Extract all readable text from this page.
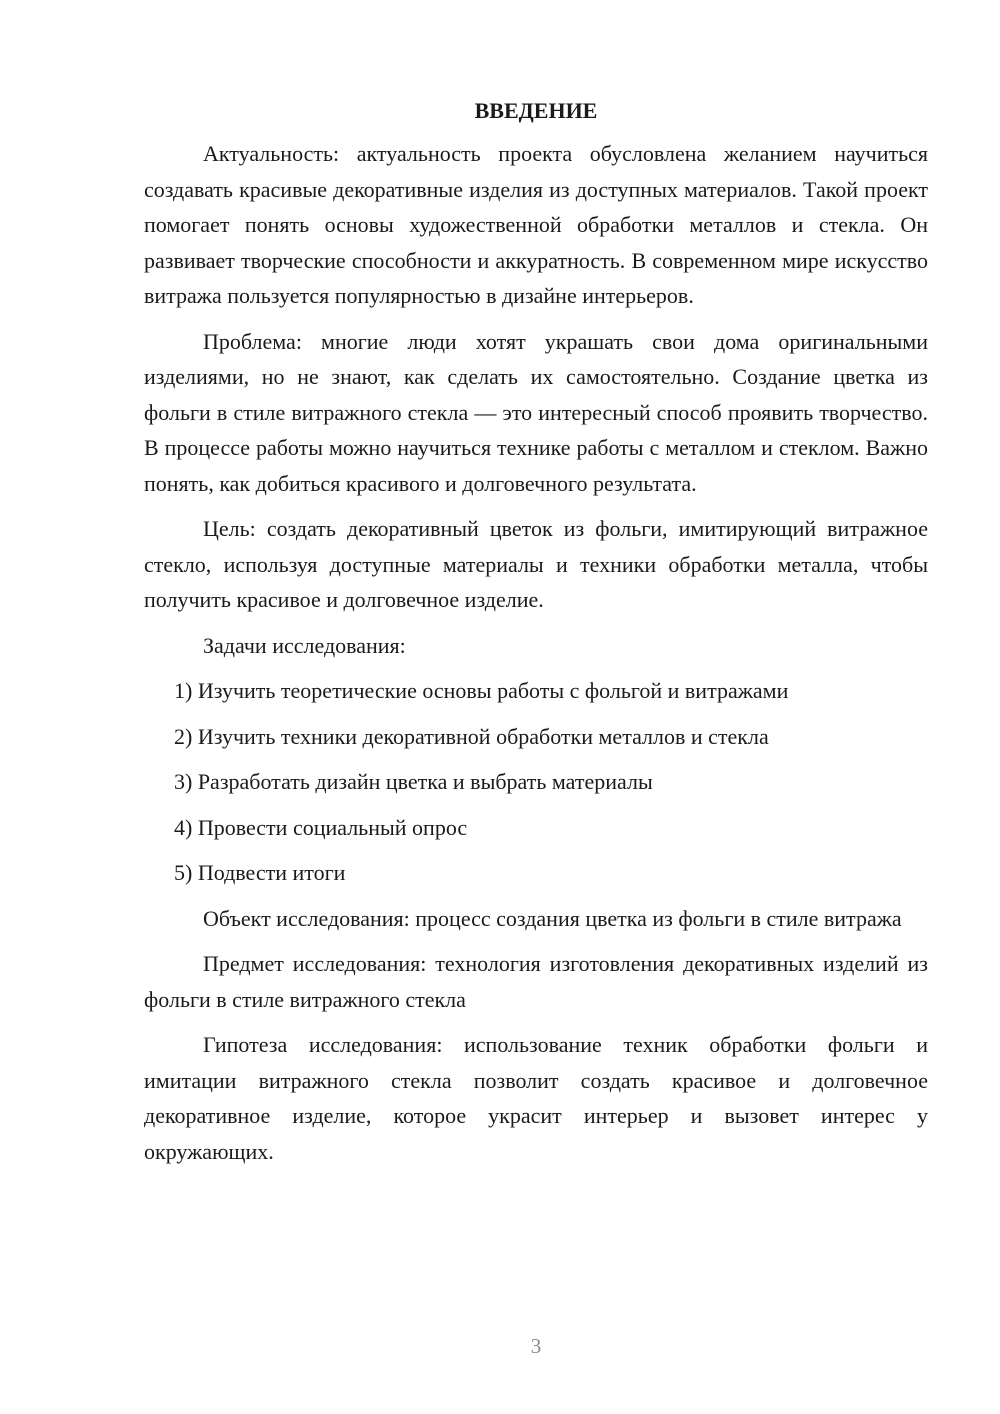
ВВЕДЕНИЕ

Актуальность: актуальность проекта обусловлена желанием научиться создавать красивые декоративные изделия из доступных материалов. Такой проект помогает понять основы художественной обработки металлов и стекла. Он развивает творческие способности и аккуратность. В современном мире искусство витража пользуется популярностью в дизайне интерьеров.

Проблема: многие люди хотят украшать свои дома оригинальными изделиями, но не знают, как сделать их самостоятельно. Создание цветка из фольги в стиле витражного стекла — это интересный способ проявить творчество. В процессе работы можно научиться технике работы с металлом и стеклом. Важно понять, как добиться красивого и долговечного результата.

Цель: создать декоративный цветок из фольги, имитирующий витражное стекло, используя доступные материалы и техники обработки металла, чтобы получить красивое и долговечное изделие.

Задачи исследования:

1) Изучить теоретические основы работы с фольгой и витражами
2) Изучить техники декоративной обработки металлов и стекла
3) Разработать дизайн цветка и выбрать материалы
4) Провести социальный опрос
5) Подвести итоги

Объект исследования: процесс создания цветка из фольги в стиле витража

Предмет исследования: технология изготовления декоративных изделий из фольги в стиле витражного стекла

Гипотеза исследования: использование техник обработки фольги и имитации витражного стекла позволит создать красивое и долговечное декоративное изделие, которое украсит интерьер и вызовет интерес у окружающих.

3
